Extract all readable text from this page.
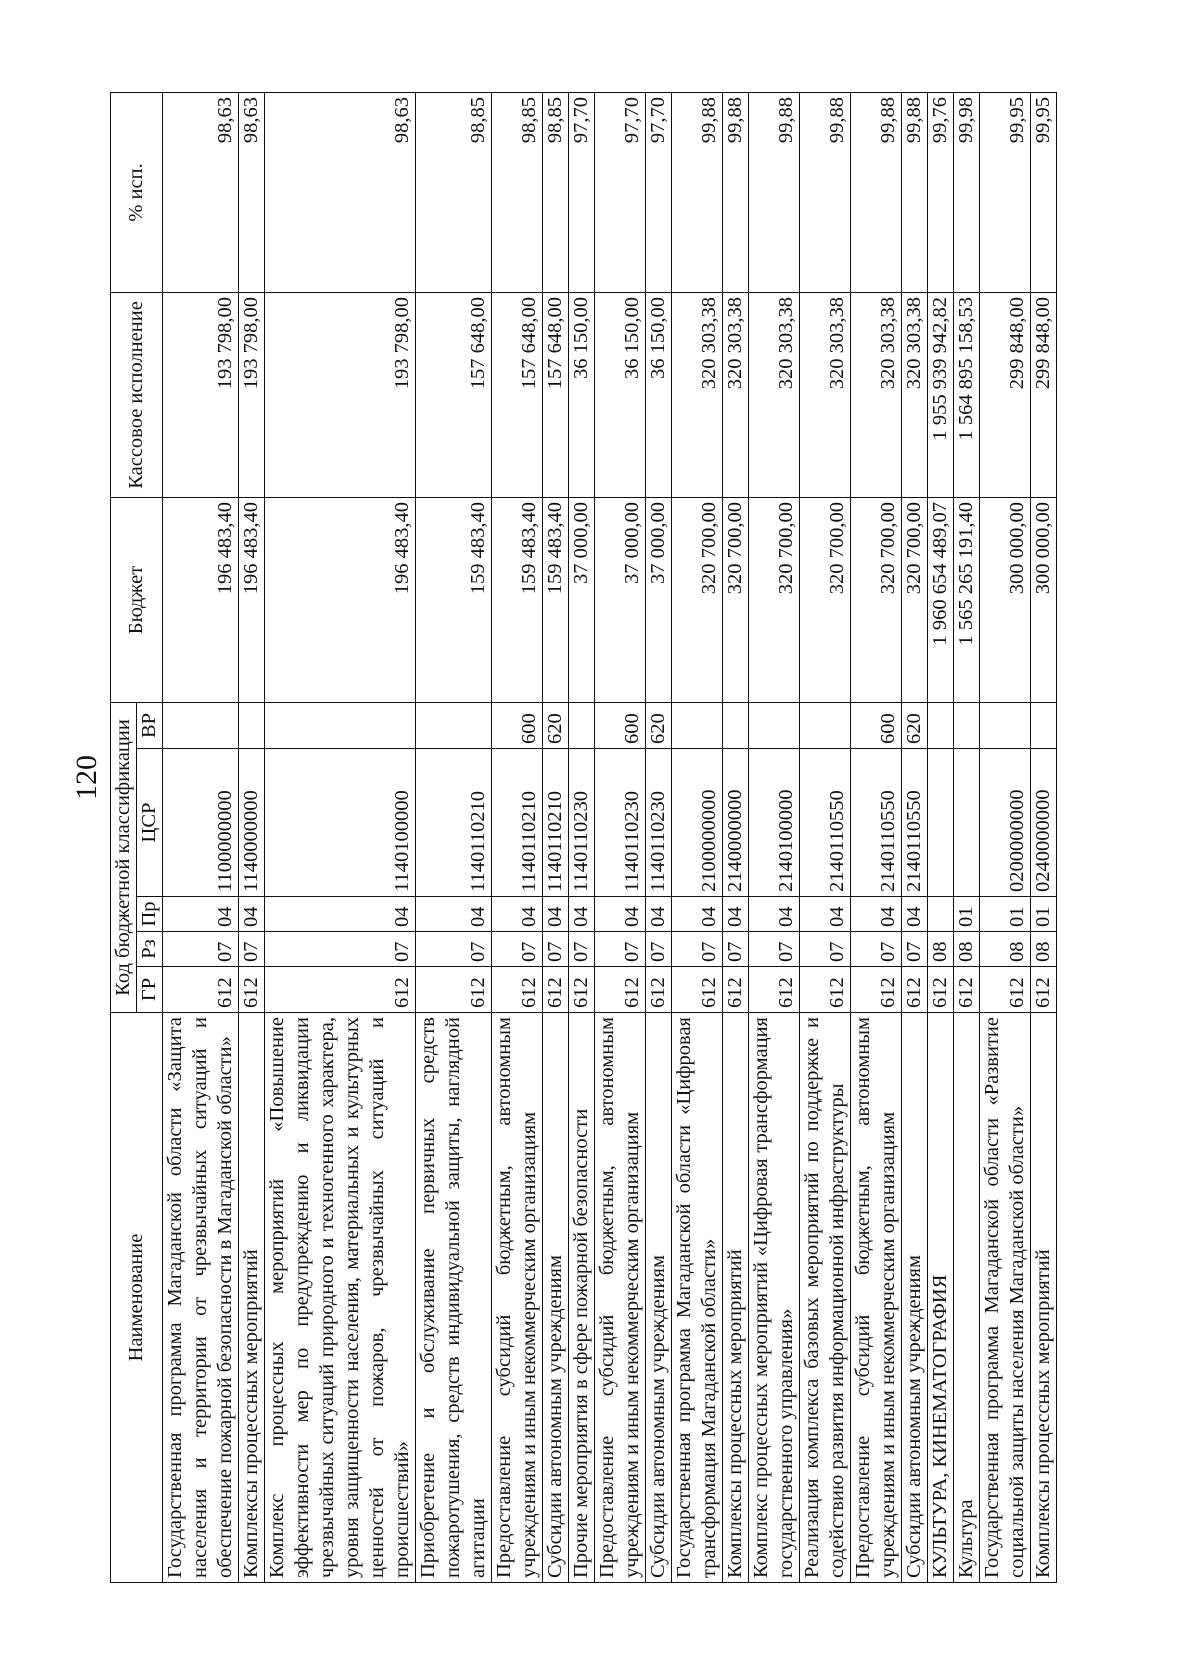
120
Наименование	Код бюджетной классификации					Бюджет	Кассовое исполнение	% исп.
	ГР	Рз	Пр	ЦСР	ВР			
Государственная программа Магаданской области «Защита населения и территории от чрезвычайных ситуаций и обеспечение пожарной безопасности в Магаданской области»	612	07	04	1100000000		196 483,40	193 798,00	98,63
Комплексы процессных мероприятий	612	07	04	1140000000		196 483,40	193 798,00	98,63
Комплекс процессных мероприятий «Повышение эффективности мер по предупреждению и ликвидации чрезвычайных ситуаций природного и техногенного характера, уровня защищенности населения, материальных и культурных ценностей от пожаров, чрезвычайных ситуаций и происшествий»	612	07	04	1140100000		196 483,40	193 798,00	98,63
Приобретение и обслуживание первичных средств пожаротушения, средств индивидуальной защиты, наглядной агитации	612	07	04	1140110210		159 483,40	157 648,00	98,85
Предоставление субсидий бюджетным, автономным учреждениям и иным некоммерческим организациям	612	07	04	1140110210	600	159 483,40	157 648,00	98,85
Субсидии автономным учреждениям	612	07	04	1140110210	620	159 483,40	157 648,00	98,85
Прочие мероприятия в сфере пожарной безопасности	612	07	04	1140110230		37 000,00	36 150,00	97,70
Предоставление субсидий бюджетным, автономным учреждениям и иным некоммерческим организациям	612	07	04	1140110230	600	37 000,00	36 150,00	97,70
Субсидии автономным учреждениям	612	07	04	1140110230	620	37 000,00	36 150,00	97,70
Государственная программа Магаданской области «Цифровая трансформация Магаданской области»	612	07	04	2100000000		320 700,00	320 303,38	99,88
Комплексы процессных мероприятий	612	07	04	2140000000		320 700,00	320 303,38	99,88
Комплекс процессных мероприятий «Цифровая трансформация государственного управления»	612	07	04	2140100000		320 700,00	320 303,38	99,88
Реализация комплекса базовых мероприятий по поддержке и содействию развития информационной инфраструктуры	612	07	04	2140110550		320 700,00	320 303,38	99,88
Предоставление субсидий бюджетным, автономным учреждениям и иным некоммерческим организациям	612	07	04	2140110550	600	320 700,00	320 303,38	99,88
Субсидии автономным учреждениям	612	07	04	2140110550	620	320 700,00	320 303,38	99,88
КУЛЬТУРА, КИНЕМАТОГРАФИЯ	612	08				1 960 654 489,07	1 955 939 942,82	99,76
Культура	612	08	01			1 565 265 191,40	1 564 895 158,53	99,98
Государственная программа Магаданской области «Развитие социальной защиты населения Магаданской области»	612	08	01	0200000000		300 000,00	299 848,00	99,95
Комплексы процессных мероприятий	612	08	01	0240000000		300 000,00	299 848,00	99,95
